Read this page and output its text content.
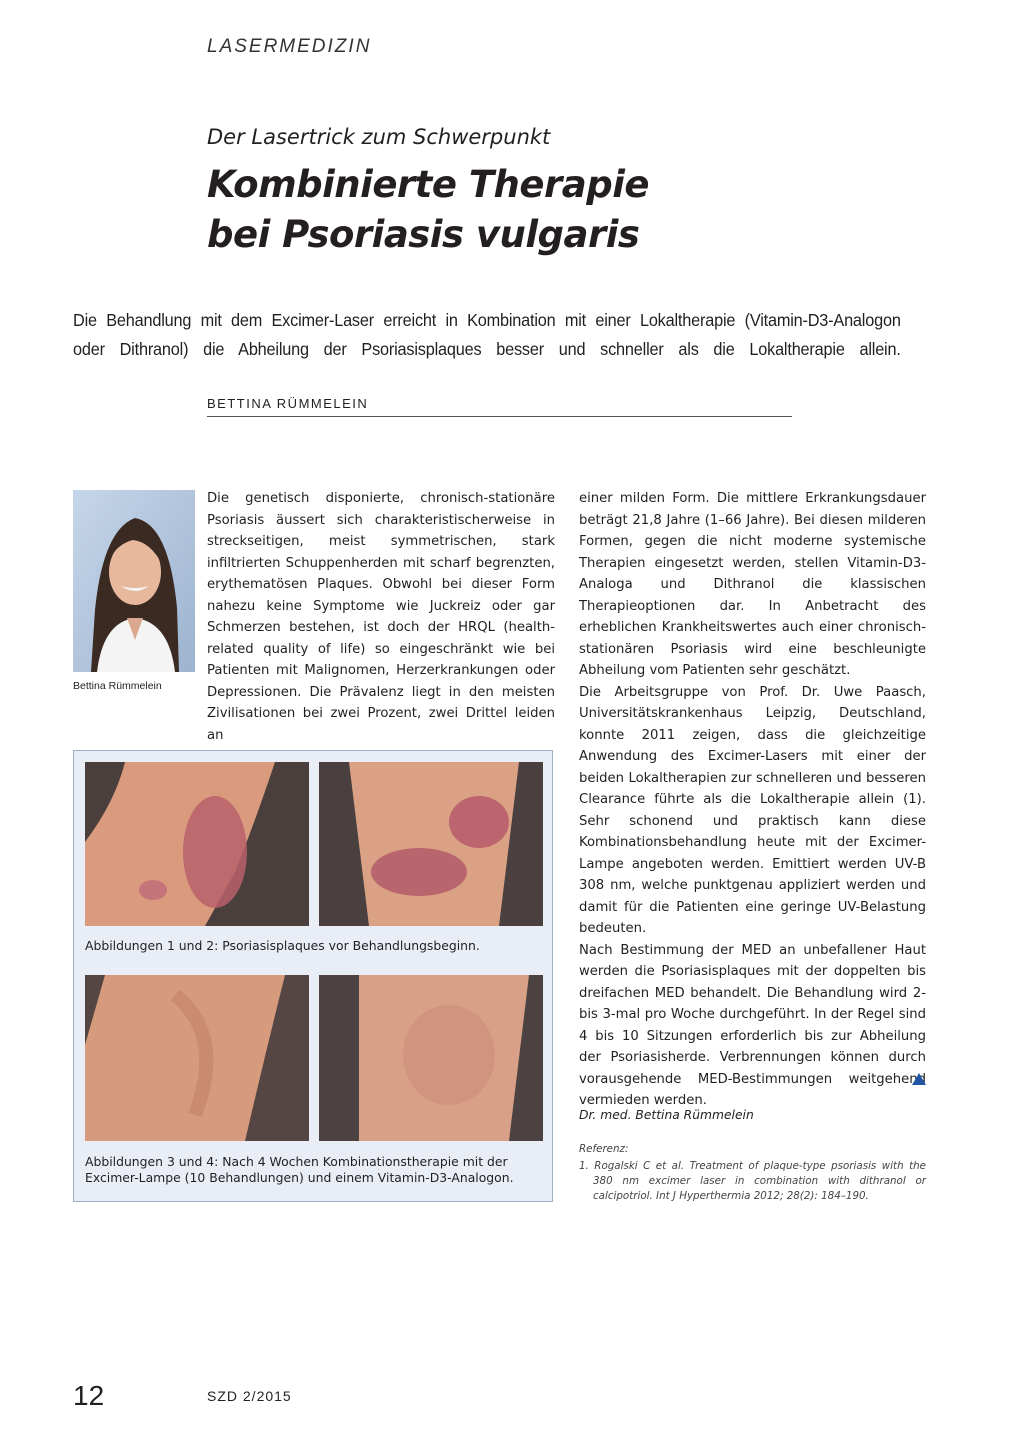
LASERMEDIZIN
Der Lasertrick zum Schwerpunkt
Kombinierte Therapie
bei Psoriasis vulgaris

Die Behandlung mit dem Excimer-Laser erreicht in Kombination mit einer Lokaltherapie (Vitamin-D3-Analogon

oder Dithranol) die Abheilung der Psoriasisplaques besser und schneller als die Lokaltherapie allein.

BETTINA RÜMMELEIN
Bettina Rümmelein

Die genetisch disponierte, chronisch-stationäre Psoriasis äussert sich charakteristischerweise in streckseitigen, meist symmetrischen, stark infiltrierten Schuppenherden mit scharf begrenzten, erythematösen Plaques. Obwohl bei dieser Form nahezu keine Symptome wie Juckreiz oder gar Schmerzen bestehen, ist doch der HRQL (health-related quality of life) so eingeschränkt wie bei Patienten mit Malignomen, Herzerkrankungen oder Depressionen. Die Prävalenz liegt in den meisten Zivilisationen bei zwei Prozent, zwei Drittel leiden an

einer milden Form. Die mittlere Erkrankungsdauer beträgt 21,8 Jahre (1–66 Jahre). Bei diesen milderen Formen, gegen die nicht moderne systemische Therapien eingesetzt werden, stellen Vitamin-D3-Analoga und Dithranol die klassischen Therapieoptionen dar. In Anbetracht des erheblichen Krankheitswertes auch einer chronisch-stationären Psoriasis wird eine beschleunigte Abheilung vom Patienten sehr geschätzt.

Die Arbeitsgruppe von Prof. Dr. Uwe Paasch, Universitätskrankenhaus Leipzig, Deutschland, konnte 2011 zeigen, dass die gleichzeitige Anwendung des Excimer-Lasers mit einer der beiden Lokaltherapien zur schnelleren und besseren Clearance führte als die Lokaltherapie allein (1). Sehr schonend und praktisch kann diese Kombinationsbehandlung heute mit der Excimer-Lampe angeboten werden. Emittiert werden UV-B 308 nm, welche punktgenau appliziert werden und damit für die Patienten eine geringe UV-Belastung bedeuten.

Nach Bestimmung der MED an unbefallener Haut werden die Psoriasisplaques mit der doppelten bis dreifachen MED behandelt. Die Behandlung wird 2- bis 3-mal pro Woche durchgeführt. In der Regel sind 4 bis 10 Sitzungen erforderlich bis zur Abheilung der Psoriasisherde. Verbrennungen können durch vorausgehende MED-Bestimmungen weitgehend vermieden werden.

Abbildungen 1 und 2: Psoriasisplaques vor Behandlungsbeginn.
Abbildungen 3 und 4: Nach 4 Wochen Kombinationstherapie mit der Excimer-Lampe (10 Behandlungen) und einem Vitamin-D3-Analogon.
Dr. med. Bettina Rümmelein
Referenz:
1. Rogalski C et al. Treatment of plaque-type psoriasis with the 380 nm excimer laser in combination with dithranol or calcipotriol. Int J Hyperthermia 2012; 28(2): 184–190.
12	SZD 2/2015
